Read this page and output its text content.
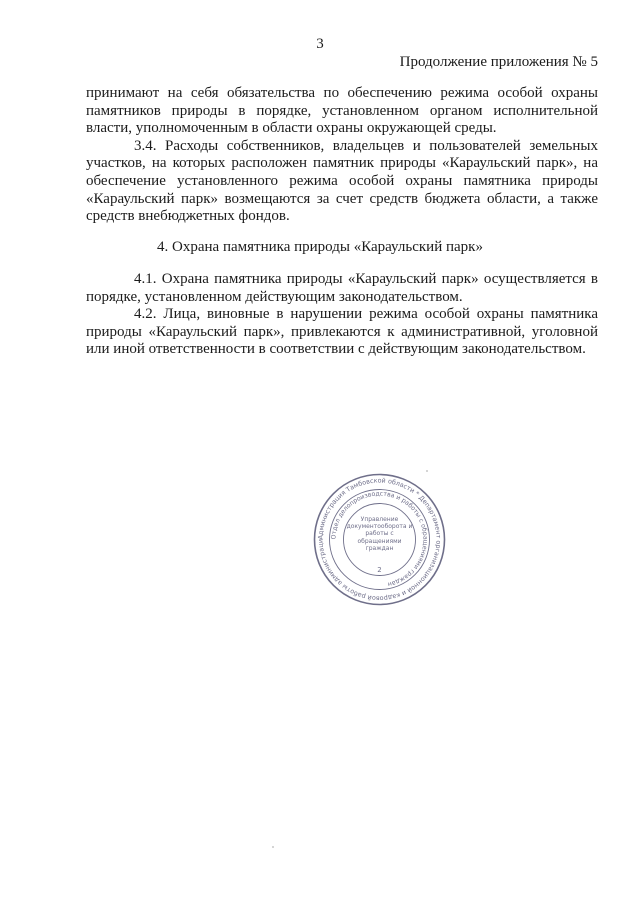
3
Продолжение приложения № 5

принимают на себя обязательства по обеспечению режима особой охраны памятников природы в порядке, установленном органом исполнительной власти, уполномоченным в области охраны окружающей среды.

3.4. Расходы собственников, владельцев и пользователей земельных участков, на которых расположен памятник природы «Караульский парк», на обеспечение установленного режима особой охраны памятника природы «Караульский парк» возмещаются за счет средств бюджета области, а также средств внебюджетных фондов.

4. Охрана памятника природы «Караульский парк»

4.1. Охрана памятника природы «Караульский парк» осуществляется в порядке, установленном действующим законодательством.

4.2. Лица, виновные в нарушении режима особой охраны памятника природы «Караульский парк», привлекаются к административной, уголовной или иной ответственности в соответствии с действующим законодательством.

Администрация Тамбовской области * Департамент организационной и кадровой работы администраци
Отдел делопроизводства и работы с обращениями граждан
Управление документооборота и работы с обращениями граждан
2
